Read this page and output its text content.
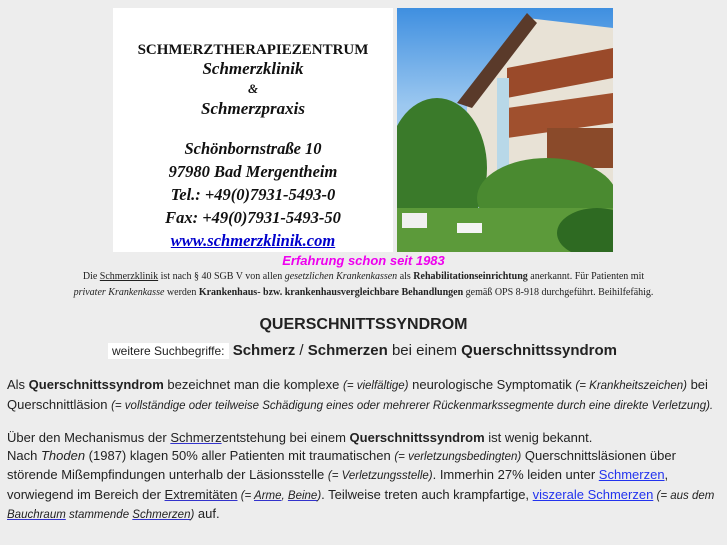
SCHMERZTHERAPIEZENTRUM
Schmerzklinik
&
Schmerzpraxis
Schönbornstraße 10
97980 Bad Mergentheim
Tel.: +49(0)7931-5493-0
Fax: +49(0)7931-5493-50
www.schmerzklinik.com
Erfahrung schon seit 1983
Die Schmerzklinik ist nach § 40 SGB V von allen gesetzlichen Krankenkassen als Rehabilitationseinrichtung anerkannt. Für Patienten mit
privater Krankenkasse werden Krankenhaus- bzw. krankenhausvergleichbare Behandlungen gemäß OPS 8-918 durchgeführt. Beihilfefähig.
QUERSCHNITTSSYNDROM
weitere Suchbegriffe: Schmerz / Schmerzen bei einem Querschnittssyndrom

Als Querschnittssyndrom bezeichnet man die komplexe (= vielfältige) neurologische Symptomatik (= Krankheitszeichen) bei Querschnittläsion (= vollständige oder teilweise Schädigung eines oder mehrerer Rückenmarkssegmente durch eine direkte Verletzung).

Über den Mechanismus der Schmerzentstehung bei einem Querschnittssyndrom ist wenig bekannt.
Nach Thoden (1987) klagen 50% aller Patienten mit traumatischen (= verletzungsbedingten) Querschnittsläsionen über störende Mißempfindungen unterhalb der Läsionsstelle (= Verletzungsstelle). Immerhin 27% leiden unter Schmerzen, vorwiegend im Bereich der Extremitäten (= Arme, Beine). Teilweise treten auch krampfartige, viszerale Schmerzen (= aus dem Bauchraum stammende Schmerzen) auf.
